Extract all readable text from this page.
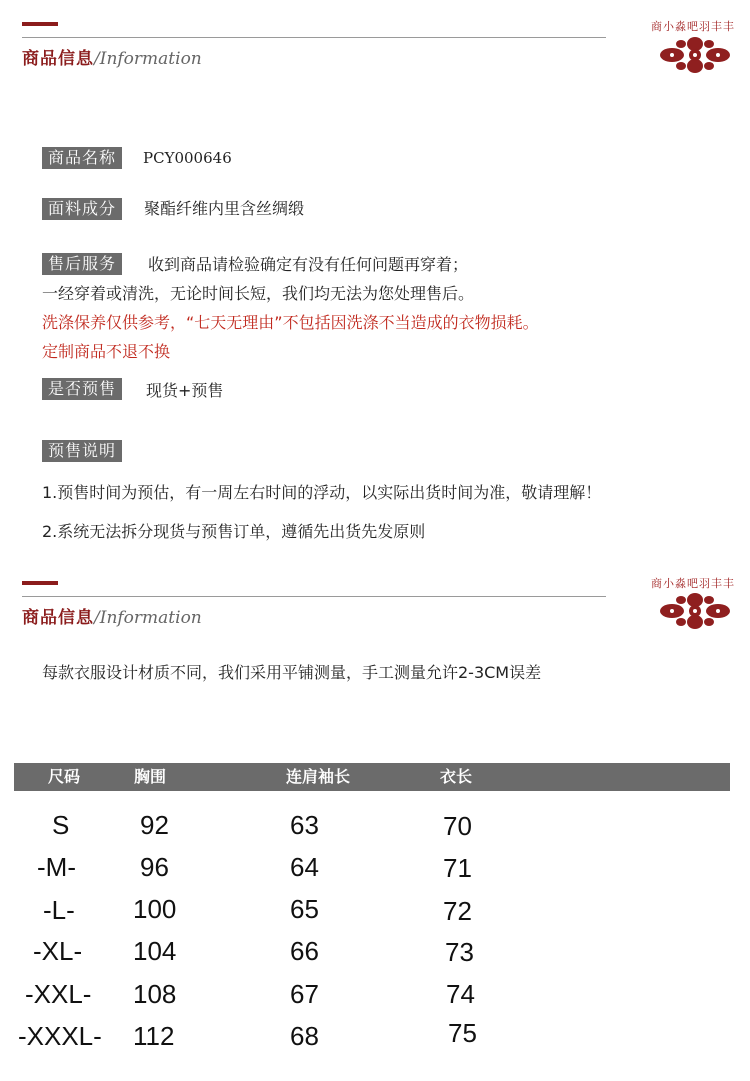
商品信息/Information
商小淼吧羽丰丰
商品名称	PCY000646
面料成分	聚酯纤维内里含丝绸缎
售后服务	收到商品请检验确定有没有任何问题再穿着；
一经穿着或清洗，无论时间长短，我们均无法为您处理售后。
洗涤保养仅供参考，“七天无理由”不包括因洗涤不当造成的衣物损耗。
定制商品不退不换
是否预售	现货+预售
预售说明
1.预售时间为预估，有一周左右时间的浮动，以实际出货时间为准，敬请理解！
2.系统无法拆分现货与预售订单，遵循先出货先发原则
商品信息/Information
商小淼吧羽丰丰
每款衣服设计材质不同，我们采用平铺测量，手工测量允许2-3CM误差
尺码	胸围	连肩袖长	衣长
S	92	63	70
-M- 96	64	71
-L- 100	65	72
-XL- 104	66	73
-XXL- 108	67	74
-XXXL- 112	68	75
